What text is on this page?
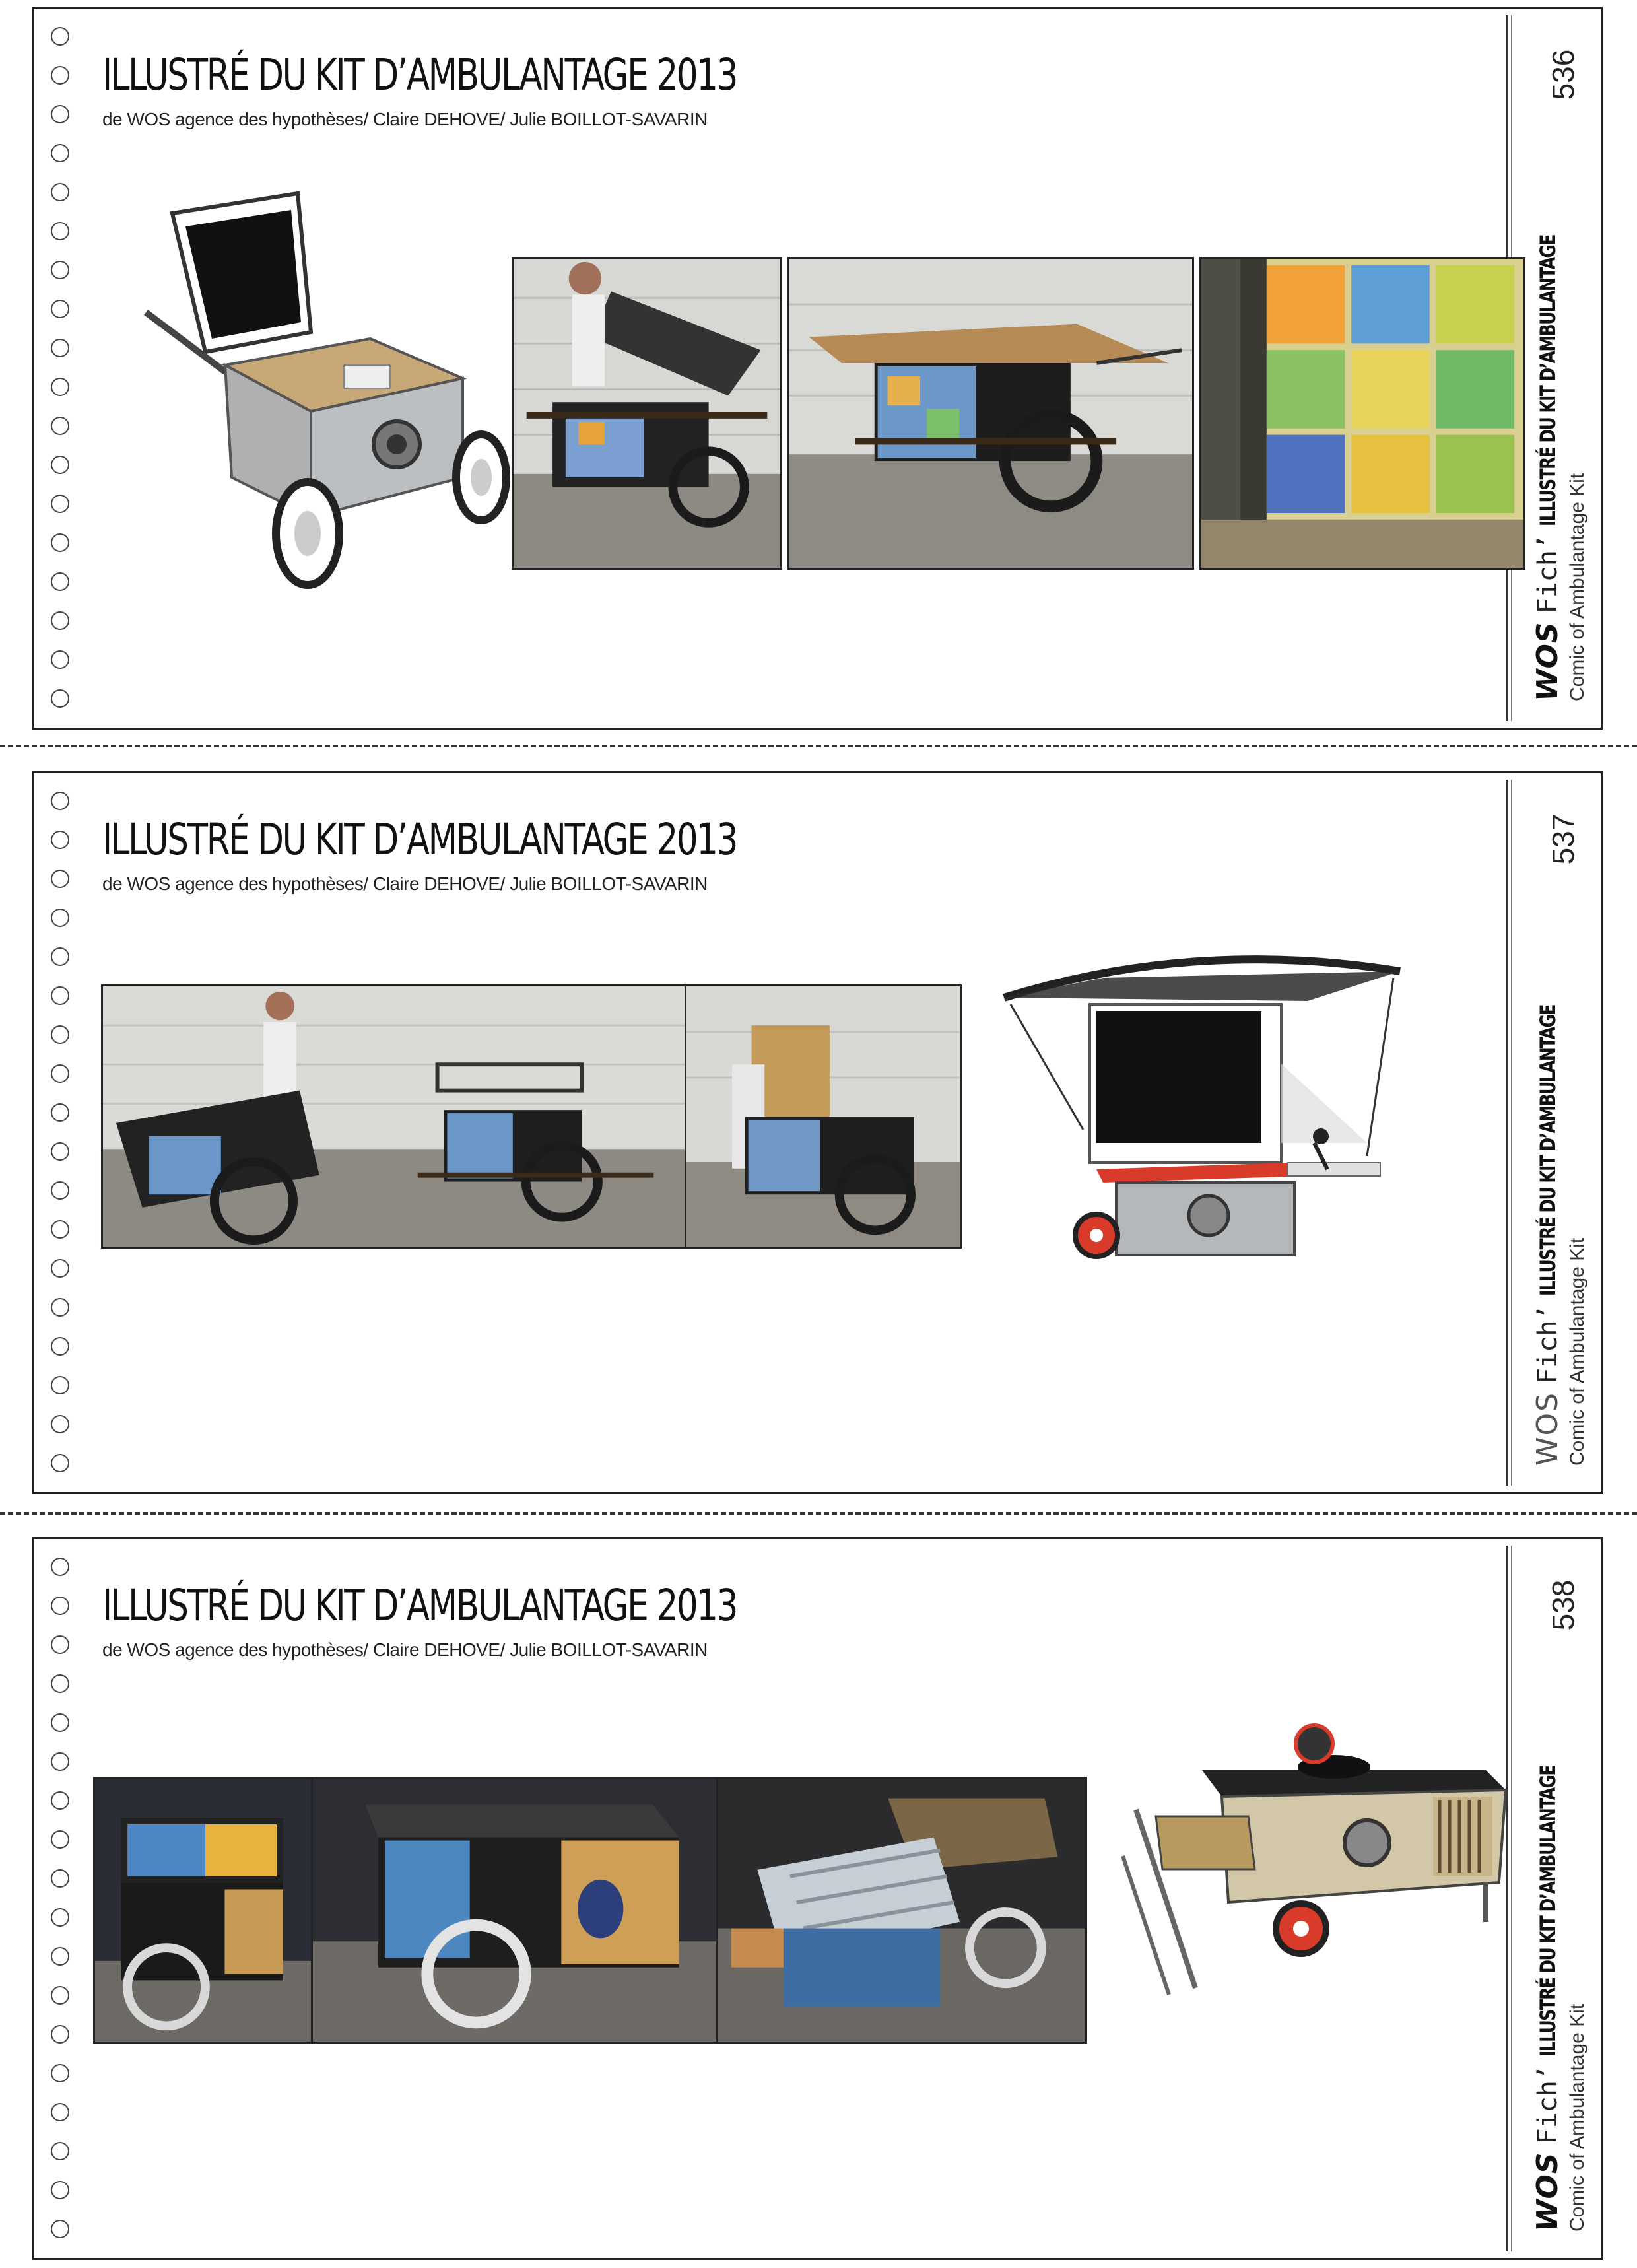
ILLUSTRÉ DU KIT D’AMBULANTAGE 2013
de WOS agence des hypothèses/ Claire DEHOVE/ Julie BOILLOT-SAVARIN
536
WOS
Fich’
ILLUSTRÉ DU KIT D’AMBULANTAGE
Comic of Ambulantage Kit
ILLUSTRÉ DU KIT D’AMBULANTAGE 2013
de WOS agence des hypothèses/ Claire DEHOVE/ Julie BOILLOT-SAVARIN
537
WOS
Fich’
ILLUSTRÉ DU KIT D’AMBULANTAGE
Comic of Ambulantage Kit
ILLUSTRÉ DU KIT D’AMBULANTAGE 2013
de WOS agence des hypothèses/ Claire DEHOVE/ Julie BOILLOT-SAVARIN
538
WOS
Fich’
ILLUSTRÉ DU KIT D’AMBULANTAGE
Comic of Ambulantage Kit
